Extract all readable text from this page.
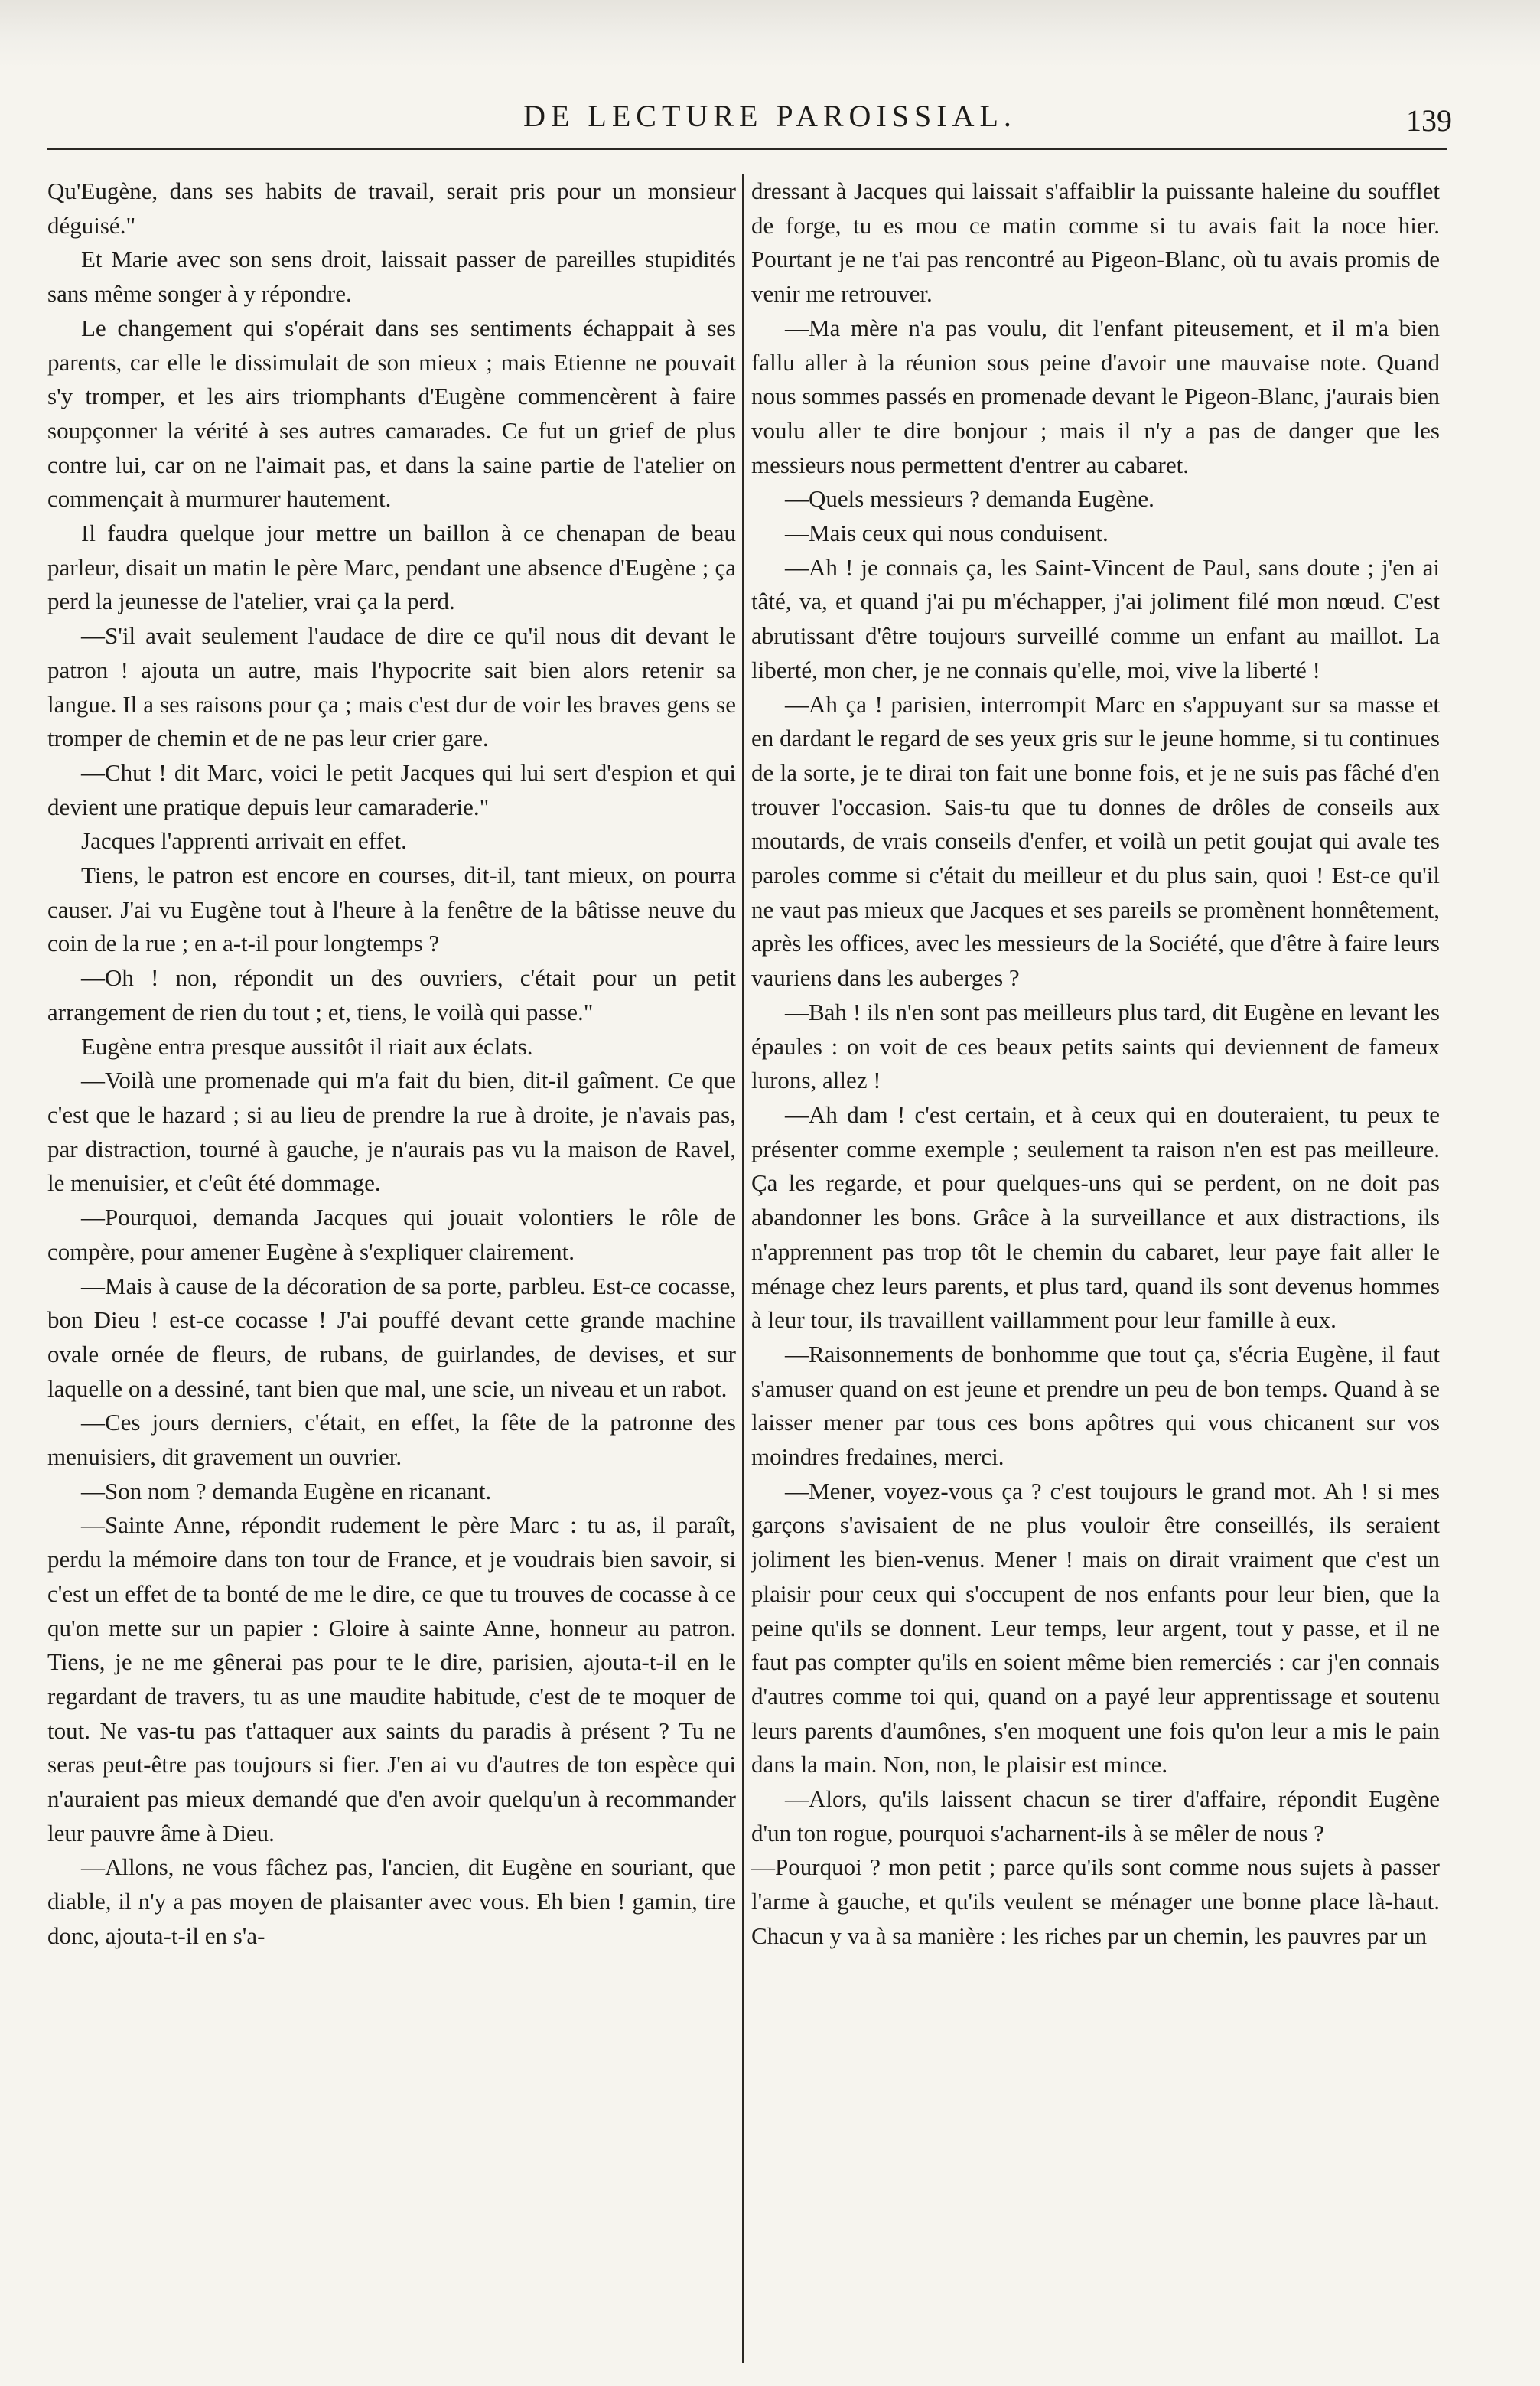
DE LECTURE PAROISSIAL.	139

Qu'Eugène, dans ses habits de travail, serait pris pour un monsieur déguisé."

Et Marie avec son sens droit, laissait passer de pareilles stupidités sans même songer à y répondre.

Le changement qui s'opérait dans ses sentiments échappait à ses parents, car elle le dissimulait de son mieux ; mais Etienne ne pouvait s'y tromper, et les airs triomphants d'Eugène commencèrent à faire soupçonner la vérité à ses autres camarades. Ce fut un grief de plus contre lui, car on ne l'aimait pas, et dans la saine partie de l'atelier on commençait à murmurer hautement.

Il faudra quelque jour mettre un baillon à ce chenapan de beau parleur, disait un matin le père Marc, pendant une absence d'Eugène ; ça perd la jeunesse de l'atelier, vrai ça la perd.

—S'il avait seulement l'audace de dire ce qu'il nous dit devant le patron ! ajouta un autre, mais l'hypocrite sait bien alors retenir sa langue. Il a ses raisons pour ça ; mais c'est dur de voir les braves gens se tromper de chemin et de ne pas leur crier gare.

—Chut ! dit Marc, voici le petit Jacques qui lui sert d'espion et qui devient une pratique depuis leur camaraderie."

Jacques l'apprenti arrivait en effet.

Tiens, le patron est encore en courses, dit-il, tant mieux, on pourra causer. J'ai vu Eugène tout à l'heure à la fenêtre de la bâtisse neuve du coin de la rue ; en a-t-il pour longtemps ?

—Oh ! non, répondit un des ouvriers, c'était pour un petit arrangement de rien du tout ; et, tiens, le voilà qui passe."

Eugène entra presque aussitôt il riait aux éclats.

—Voilà une promenade qui m'a fait du bien, dit-il gaîment. Ce que c'est que le hazard ; si au lieu de prendre la rue à droite, je n'avais pas, par distraction, tourné à gauche, je n'aurais pas vu la maison de Ravel, le menuisier, et c'eût été dommage.

—Pourquoi, demanda Jacques qui jouait volontiers le rôle de compère, pour amener Eugène à s'expliquer clairement.

—Mais à cause de la décoration de sa porte, parbleu. Est-ce cocasse, bon Dieu ! est-ce cocasse ! J'ai pouffé devant cette grande machine ovale ornée de fleurs, de rubans, de guirlandes, de devises, et sur laquelle on a dessiné, tant bien que mal, une scie, un niveau et un rabot.

—Ces jours derniers, c'était, en effet, la fête de la patronne des menuisiers, dit gravement un ouvrier.

—Son nom ? demanda Eugène en ricanant.

—Sainte Anne, répondit rudement le père Marc : tu as, il paraît, perdu la mémoire dans ton tour de France, et je voudrais bien savoir, si c'est un effet de ta bonté de me le dire, ce que tu trouves de cocasse à ce qu'on mette sur un papier : Gloire à sainte Anne, honneur au patron. Tiens, je ne me gênerai pas pour te le dire, parisien, ajouta-t-il en le regardant de travers, tu as une maudite habitude, c'est de te moquer de tout. Ne vas-tu pas t'attaquer aux saints du paradis à présent ? Tu ne seras peut-être pas toujours si fier. J'en ai vu d'autres de ton espèce qui n'auraient pas mieux demandé que d'en avoir quelqu'un à recommander leur pauvre âme à Dieu.

—Allons, ne vous fâchez pas, l'ancien, dit Eugène en souriant, que diable, il n'y a pas moyen de plaisanter avec vous. Eh bien ! gamin, tire donc, ajouta-t-il en s'a-

dressant à Jacques qui laissait s'affaiblir la puissante haleine du soufflet de forge, tu es mou ce matin comme si tu avais fait la noce hier. Pourtant je ne t'ai pas rencontré au Pigeon-Blanc, où tu avais promis de venir me retrouver.

—Ma mère n'a pas voulu, dit l'enfant piteusement, et il m'a bien fallu aller à la réunion sous peine d'avoir une mauvaise note. Quand nous sommes passés en promenade devant le Pigeon-Blanc, j'aurais bien voulu aller te dire bonjour ; mais il n'y a pas de danger que les messieurs nous permettent d'entrer au cabaret.

—Quels messieurs ? demanda Eugène.

—Mais ceux qui nous conduisent.

—Ah ! je connais ça, les Saint-Vincent de Paul, sans doute ; j'en ai tâté, va, et quand j'ai pu m'échapper, j'ai joliment filé mon nœud. C'est abrutissant d'être toujours surveillé comme un enfant au maillot. La liberté, mon cher, je ne connais qu'elle, moi, vive la liberté !

—Ah ça ! parisien, interrompit Marc en s'appuyant sur sa masse et en dardant le regard de ses yeux gris sur le jeune homme, si tu continues de la sorte, je te dirai ton fait une bonne fois, et je ne suis pas fâché d'en trouver l'occasion. Sais-tu que tu donnes de drôles de conseils aux moutards, de vrais conseils d'enfer, et voilà un petit goujat qui avale tes paroles comme si c'était du meilleur et du plus sain, quoi ! Est-ce qu'il ne vaut pas mieux que Jacques et ses pareils se promènent honnêtement, après les offices, avec les messieurs de la Société, que d'être à faire leurs vauriens dans les auberges ?

—Bah ! ils n'en sont pas meilleurs plus tard, dit Eugène en levant les épaules : on voit de ces beaux petits saints qui deviennent de fameux lurons, allez !

—Ah dam ! c'est certain, et à ceux qui en douteraient, tu peux te présenter comme exemple ; seulement ta raison n'en est pas meilleure. Ça les regarde, et pour quelques-uns qui se perdent, on ne doit pas abandonner les bons. Grâce à la surveillance et aux distractions, ils n'apprennent pas trop tôt le chemin du cabaret, leur paye fait aller le ménage chez leurs parents, et plus tard, quand ils sont devenus hommes à leur tour, ils travaillent vaillamment pour leur famille à eux.

—Raisonnements de bonhomme que tout ça, s'écria Eugène, il faut s'amuser quand on est jeune et prendre un peu de bon temps. Quand à se laisser mener par tous ces bons apôtres qui vous chicanent sur vos moindres fredaines, merci.

—Mener, voyez-vous ça ? c'est toujours le grand mot. Ah ! si mes garçons s'avisaient de ne plus vouloir être conseillés, ils seraient joliment les bien-venus. Mener ! mais on dirait vraiment que c'est un plaisir pour ceux qui s'occupent de nos enfants pour leur bien, que la peine qu'ils se donnent. Leur temps, leur argent, tout y passe, et il ne faut pas compter qu'ils en soient même bien remerciés : car j'en connais d'autres comme toi qui, quand on a payé leur apprentissage et soutenu leurs parents d'aumônes, s'en moquent une fois qu'on leur a mis le pain dans la main. Non, non, le plaisir est mince.

—Alors, qu'ils laissent chacun se tirer d'affaire, répondit Eugène d'un ton rogue, pourquoi s'acharnent-ils à se mêler de nous ?

—Pourquoi ? mon petit ; parce qu'ils sont comme nous sujets à passer l'arme à gauche, et qu'ils veulent se ménager une bonne place là-haut. Chacun y va à sa manière : les riches par un chemin, les pauvres par un
